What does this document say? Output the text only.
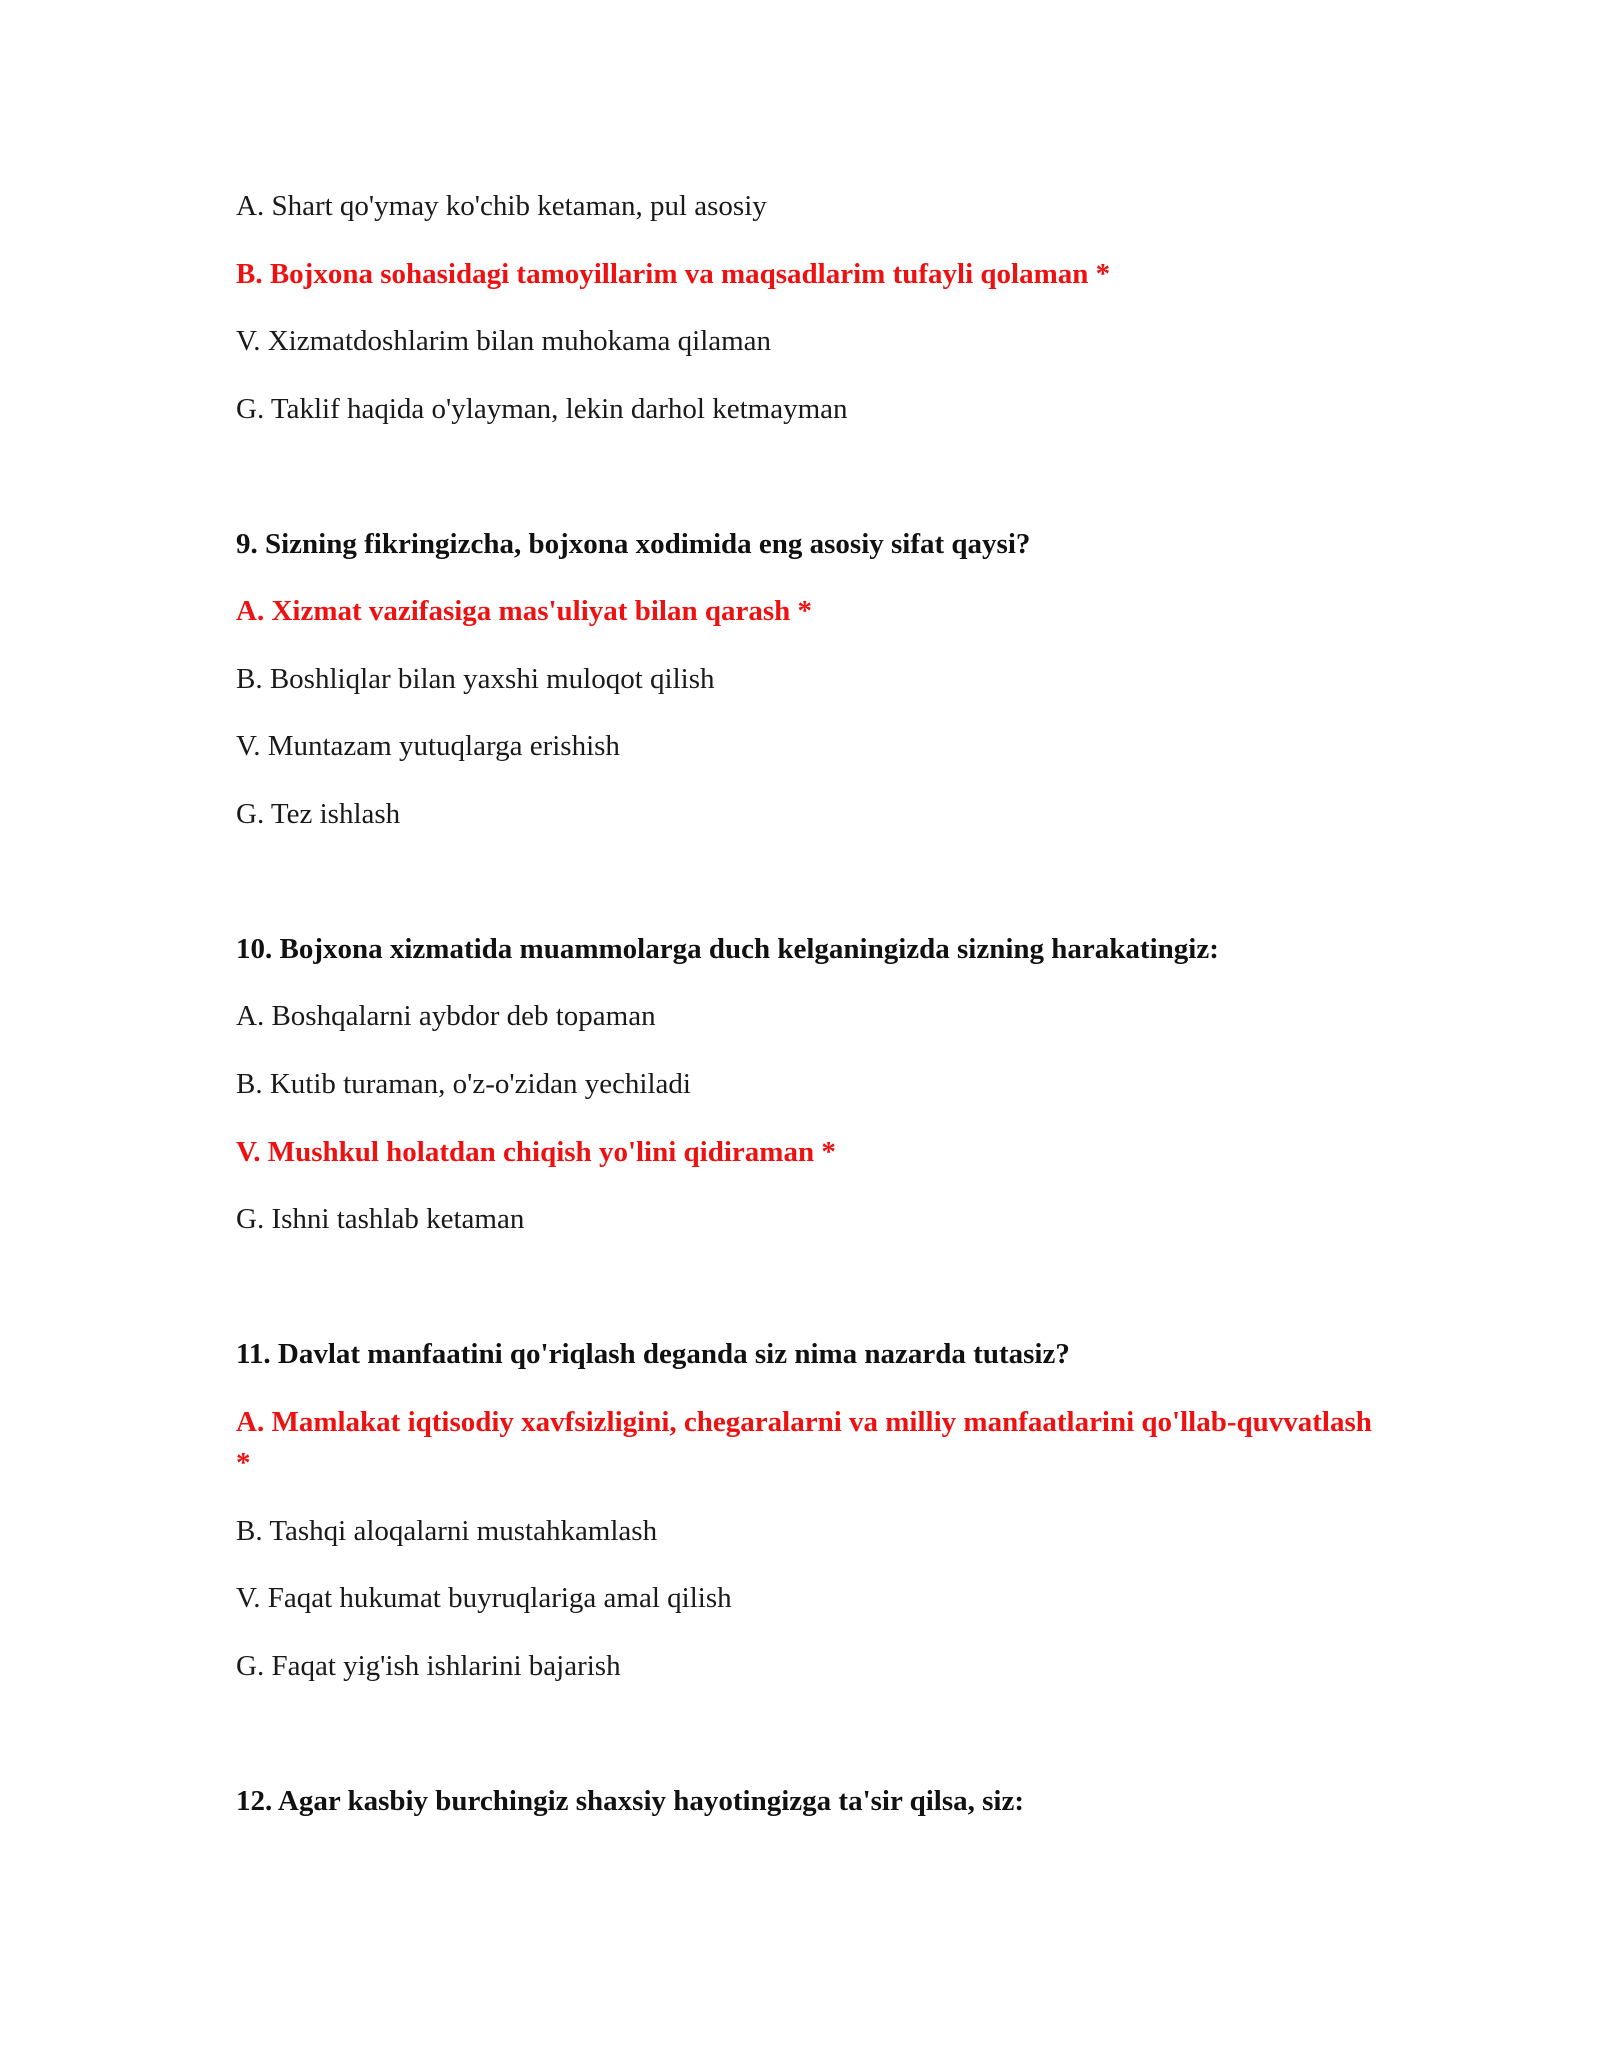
A. Shart qo'ymay ko'chib ketaman, pul asosiy
B. Bojxona sohasidagi tamoyillarim va maqsadlarim tufayli qolaman *
V. Xizmatdoshlarim bilan muhokama qilaman
G. Taklif haqida o'ylayman, lekin darhol ketmayman
9. Sizning fikringizcha, bojxona xodimida eng asosiy sifat qaysi?
A. Xizmat vazifasiga mas'uliyat bilan qarash *
B. Boshliqlar bilan yaxshi muloqot qilish
V. Muntazam yutuqlarga erishish
G. Tez ishlash
10. Bojxona xizmatida muammolarga duch kelganingizda sizning harakatingiz:
A. Boshqalarni aybdor deb topaman
B. Kutib turaman, o'z-o'zidan yechiladi
V. Mushkul holatdan chiqish yo'lini qidiraman *
G. Ishni tashlab ketaman
11. Davlat manfaatini qo'riqlash deganda siz nima nazarda tutasiz?
A. Mamlakat iqtisodiy xavfsizligini, chegaralarni va milliy manfaatlarini qo'llab-quvvatlash *
B. Tashqi aloqalarni mustahkamlash
V. Faqat hukumat buyruqlariga amal qilish
G. Faqat yig'ish ishlarini bajarish
12. Agar kasbiy burchingiz shaxsiy hayotingizga ta'sir qilsa, siz:
